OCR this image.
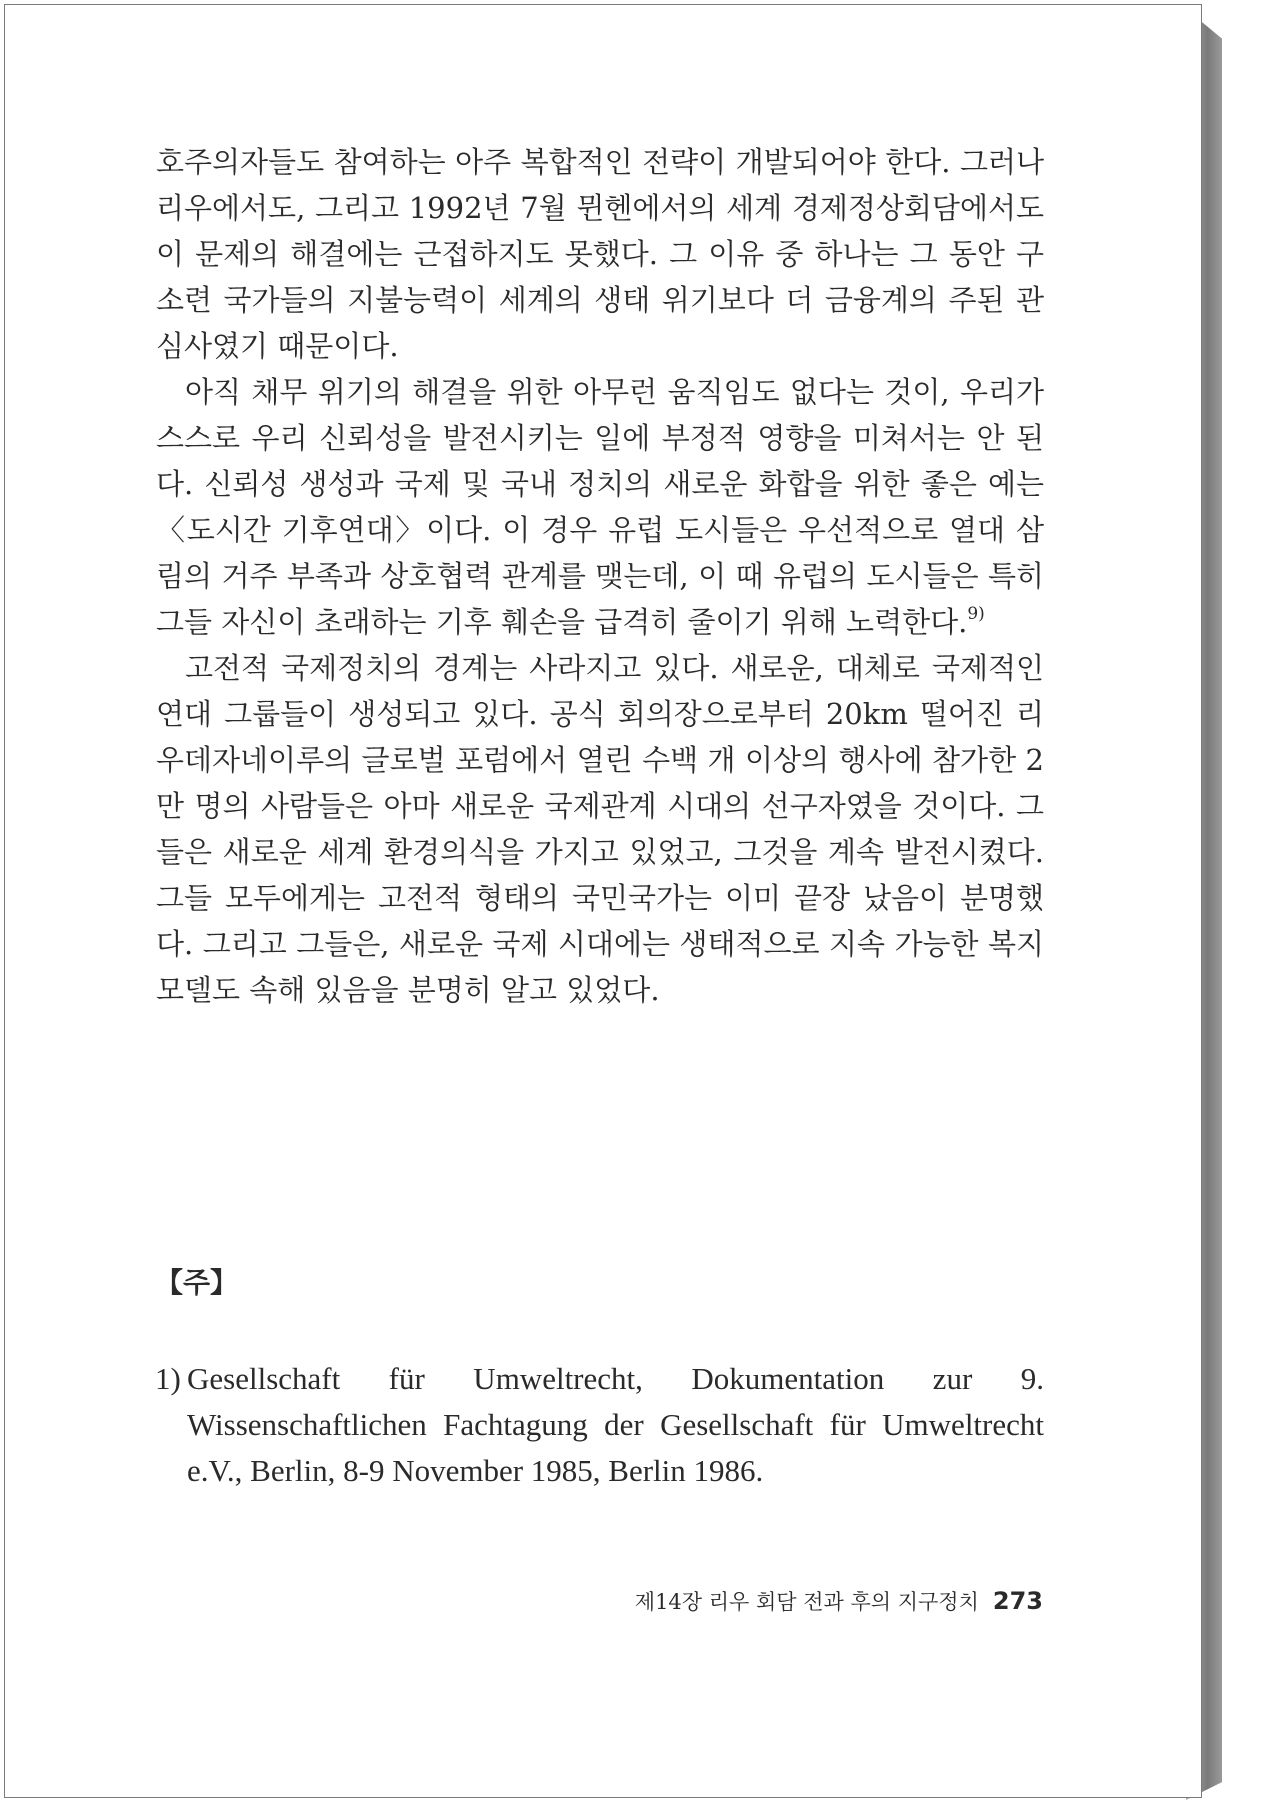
호주의자들도 참여하는 아주 복합적인 전략이 개발되어야 한다. 그러나 리우에서도, 그리고 1992년 7월 뮌헨에서의 세계 경제정상회담에서도 이 문제의 해결에는 근접하지도 못했다. 그 이유 중 하나는 그 동안 구소련 국가들의 지불능력이 세계의 생태 위기보다 더 금융계의 주된 관심사였기 때문이다.

아직 채무 위기의 해결을 위한 아무런 움직임도 없다는 것이, 우리가 스스로 우리 신뢰성을 발전시키는 일에 부정적 영향을 미쳐서는 안 된다. 신뢰성 생성과 국제 및 국내 정치의 새로운 화합을 위한 좋은 예는 〈도시간 기후연대〉이다. 이 경우 유럽 도시들은 우선적으로 열대 삼림의 거주 부족과 상호협력 관계를 맺는데, 이 때 유럽의 도시들은 특히 그들 자신이 초래하는 기후 훼손을 급격히 줄이기 위해 노력한다.$^{9)}$

고전적 국제정치의 경계는 사라지고 있다. 새로운, 대체로 국제적인 연대 그룹들이 생성되고 있다. 공식 회의장으로부터 20km 떨어진 리우데자네이루의 글로벌 포럼에서 열린 수백 개 이상의 행사에 참가한 2만 명의 사람들은 아마 새로운 국제관계 시대의 선구자였을 것이다. 그들은 새로운 세계 환경의식을 가지고 있었고, 그것을 계속 발전시켰다. 그들 모두에게는 고전적 형태의 국민국가는 이미 끝장 났음이 분명했다. 그리고 그들은, 새로운 국제 시대에는 생태적으로 지속 가능한 복지 모델도 속해 있음을 분명히 알고 있었다.

【주】
1) Gesellschaft für Umweltrecht, Dokumentation zur 9. Wissenschaftlichen Fachtagung der Gesellschaft für Umweltrecht e.V., Berlin, 8-9 November 1985, Berlin 1986.
제14장 리우 회담 전과 후의 지구정치 273
